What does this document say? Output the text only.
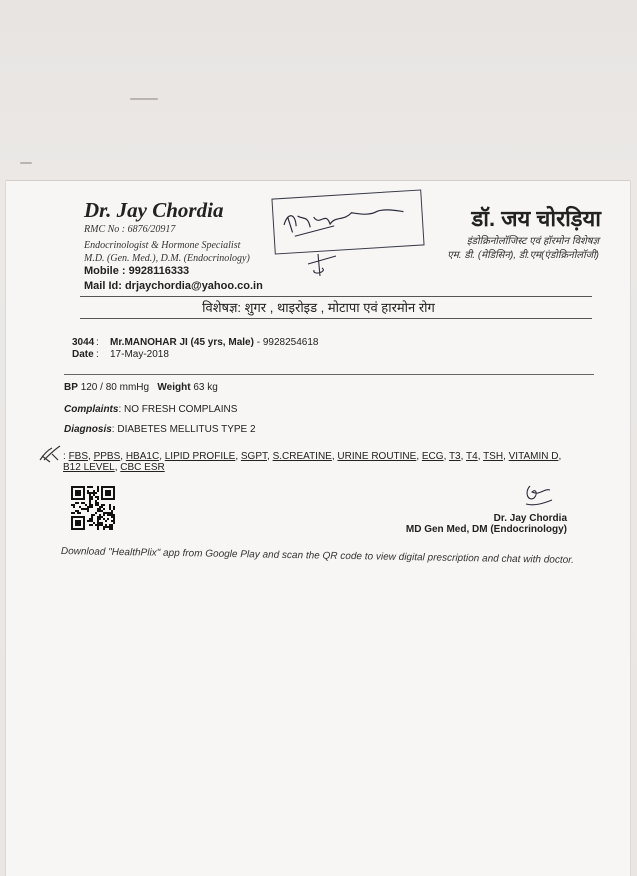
Dr. Jay Chordia
RMC No : 6876/20917
Endocrinologist & Hormone Specialist
M.D. (Gen. Med.), D.M. (Endocrinology)
Mobile : 9928116333
Mail Id: drjaychordia@yahoo.co.in
डॉ. जय चोरड़िया
इंडोक्रिनोलॉजिस्ट एवं हॉरमोन विशेषज्ञ
एम. डी. (मेडिसिन), डी.एम(एंडोक्रिनोलॉजी)
विशेषज्ञ: शुगर , थाइरोइड , मोटापा एवं हारमोन रोग
3044 : Mr.MANOHAR JI (45 yrs, Male) - 9928254618
Date : 17-May-2018
BP 120 / 80 mmHg Weight 63 kg
Complaints: NO FRESH COMPLAINS
Diagnosis: DIABETES MELLITUS TYPE 2
: FBS, PPBS, HBA1C, LIPID PROFILE, SGPT, S.CREATINE, URINE ROUTINE, ECG, T3, T4, TSH, VITAMIN D, B12 LEVEL, CBC ESR
Dr. Jay Chordia
MD Gen Med, DM (Endocrinology)
Download "HealthPlix" app from Google Play and scan the QR code to view digital prescription and chat with doctor.
